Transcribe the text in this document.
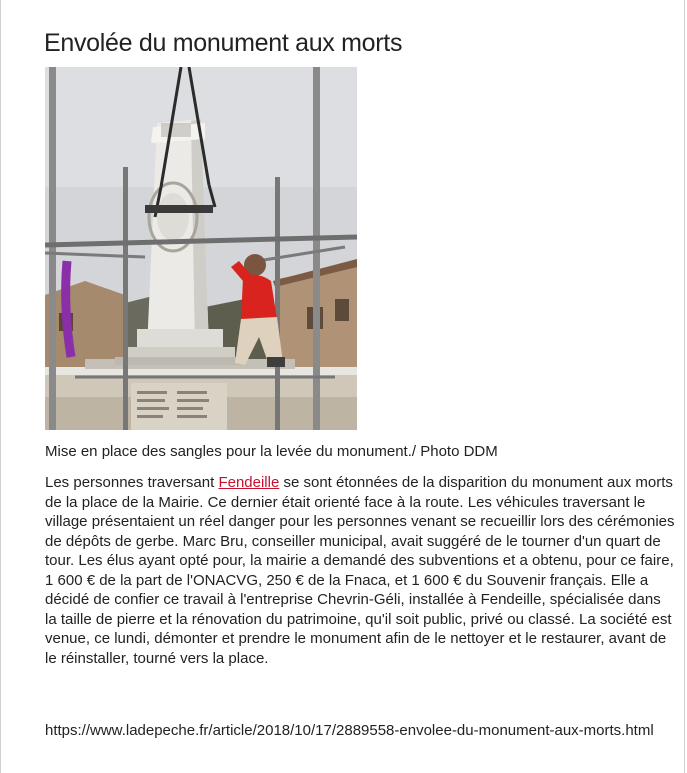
Envolée du monument aux morts

Mise en place des sangles pour la levée du monument./ Photo DDM

Les personnes traversant Fendeille se sont étonnées de la disparition du monument aux morts de la place de la Mairie. Ce dernier était orienté face à la route. Les véhicules traversant le village présentaient un réel danger pour les personnes venant se recueillir lors des cérémonies de dépôts de gerbe. Marc Bru, conseiller municipal, avait suggéré de le tourner d'un quart de tour. Les élus ayant opté pour, la mairie a demandé des subventions et a obtenu, pour ce faire, 1 600 € de la part de l'ONACVG, 250 € de la Fnaca, et 1 600 € du Souvenir français. Elle a décidé de confier ce travail à l'entreprise Chevrin-Géli, installée à Fendeille, spécialisée dans la taille de pierre et la rénovation du patrimoine, qu'il soit public, privé ou classé. La société est venue, ce lundi, démonter et prendre le monument afin de le nettoyer et le restaurer, avant de le réinstaller, tourné vers la place.

https://www.ladepeche.fr/article/2018/10/17/2889558-envolee-du-monument-aux-morts.html
